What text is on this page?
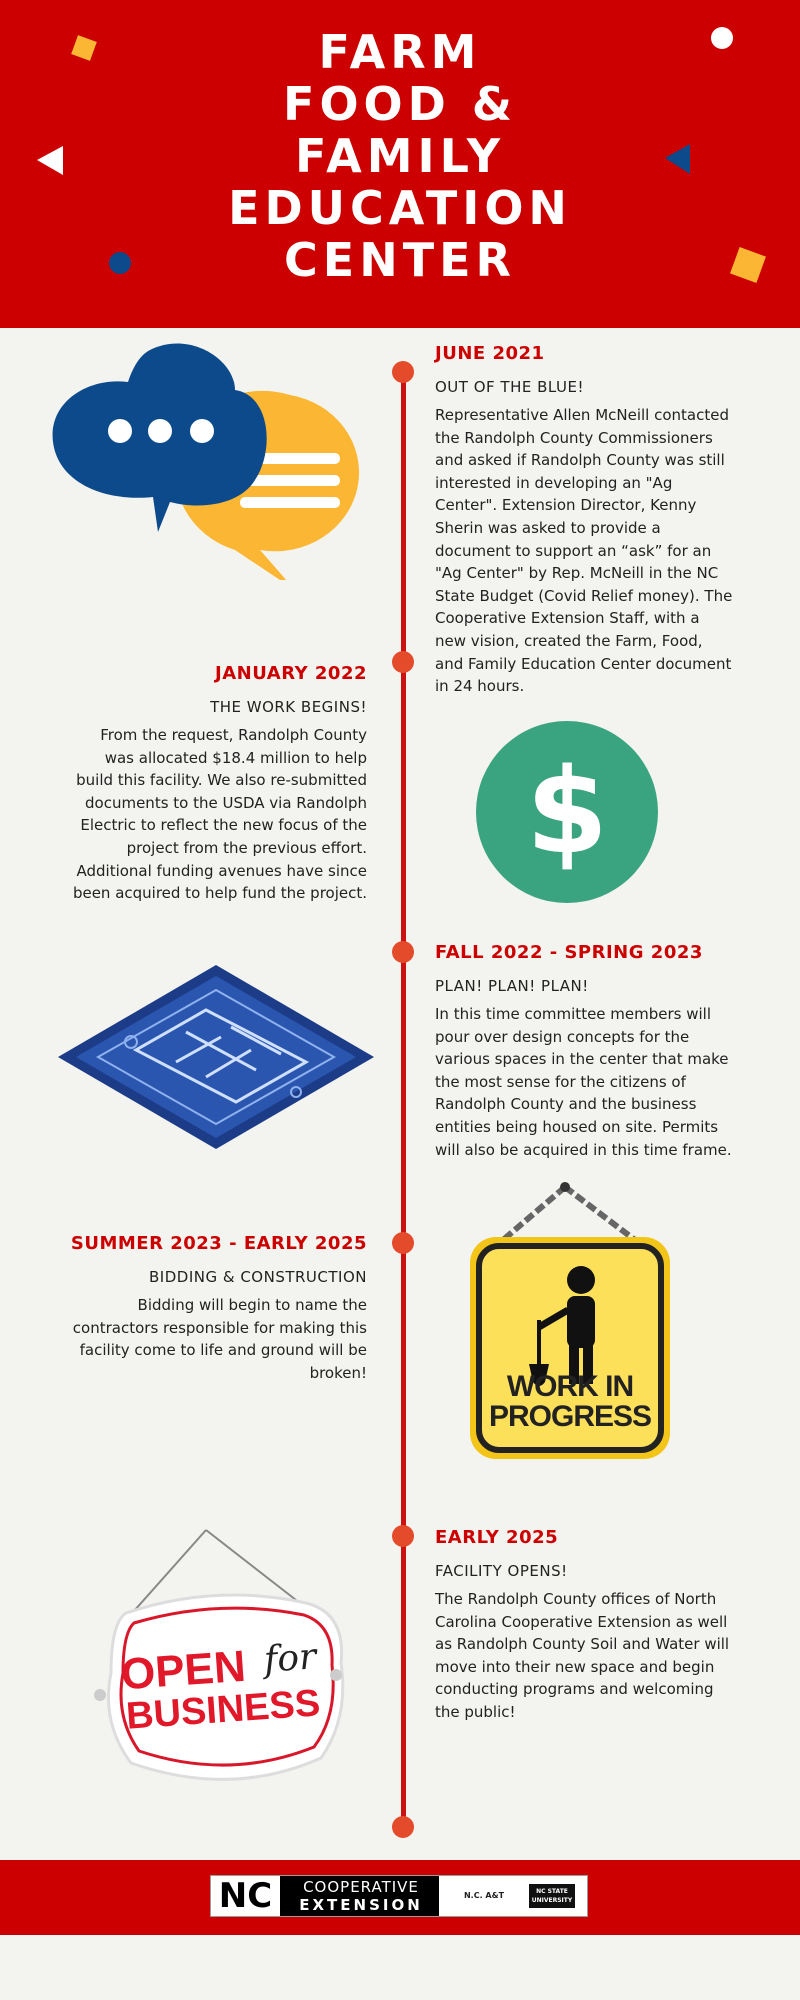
FARM
FOOD &
FAMILY
EDUCATION
CENTER
JUNE 2021
OUT OF THE BLUE!
Representative Allen McNeill contacted the Randolph County Commissioners and asked if Randolph County was still interested in developing an "Ag Center". Extension Director, Kenny Sherin was asked to provide a document to support an “ask” for an "Ag Center" by Rep. McNeill in the NC State Budget (Covid Relief money). The Cooperative Extension Staff, with a new vision, created the Farm, Food, and Family Education Center document in 24 hours.
JANUARY 2022
THE WORK BEGINS!
From the request, Randolph County was allocated $18.4 million to help build this facility. We also re-submitted documents to the USDA via Randolph Electric to reflect the new focus of the project from the previous effort. Additional funding avenues have since been acquired to help fund the project.
$
FALL 2022 - SPRING 2023
PLAN! PLAN! PLAN!
In this time committee members will pour over design concepts for the various spaces in the center that make the most sense for the citizens of Randolph County and the business entities being housed on site. Permits will also be acquired in this time frame.
SUMMER 2023 - EARLY 2025
BIDDING & CONSTRUCTION
Bidding will begin to name the contractors responsible for making this facility come to life and ground will be broken!	WORK IN
PROGRESS
EARLY 2025
FACILITY OPENS!
The Randolph County offices of North Carolina Cooperative Extension as well as Randolph County Soil and Water will move into their new space and begin conducting programs and welcoming the public!
OPEN for
BUSINESS
NC	COOPERATIVE
EXTENSION
N.C. A&T	NC STATE
UNIVERSITY
